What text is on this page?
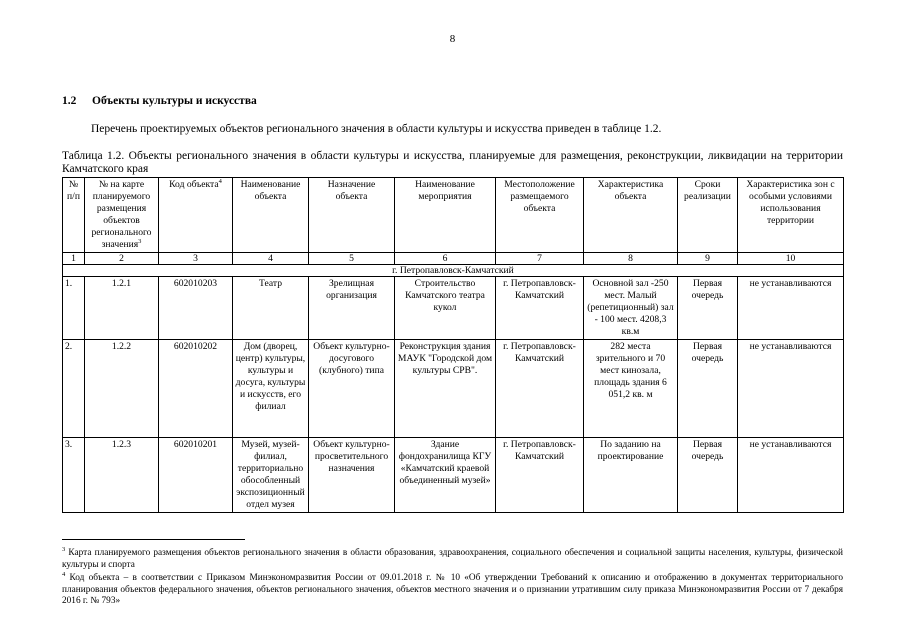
8
1.2 Объекты культуры и искусства
Перечень проектируемых объектов регионального значения в области культуры и искусства приведен в таблице 1.2.
Таблица 1.2. Объекты регионального значения в области культуры и искусства, планируемые для размещения, реконструкции, ликвидации на территории Камчатского края
№ п/п	№ на карте планируемого размещения объектов регионального значения$^3$	Код объекта$^4$	Наименование объекта	Назначение объекта	Наименование мероприятия	Местоположение размещаемого объекта	Характеристика объекта	Сроки реализации	Характеристика зон с особыми условиями использования территории
1	2	3	4	5	6	7	8	9	10
г. Петропавловск-Камчатский									
1.	1.2.1	602010203	Театр	Зрелищная организация	Строительство Камчатского театра кукол	г. Петропавловск-Камчатский	Основной зал -250 мест. Малый (репетиционный) зал - 100 мест. 4208,3 кв.м	Первая очередь	не устанавливаются
2.	1.2.2	602010202	Дом (дворец, центр) культуры, культуры и досуга, культуры и искусств, его филиал	Объект культурно-досугового (клубного) типа	Реконструкция здания МАУК "Городской дом культуры СРВ".	г. Петропавловск-Камчатский	282 места зрительного и 70 мест кинозала, площадь здания 6 051,2 кв. м	Первая очередь	не устанавливаются
3.	1.2.3	602010201	Музей, музей-филиал, территориально обособленный экспозиционный отдел музея	Объект культурно-просветительного назначения	Здание фондохранилища КГУ «Камчатский краевой объединенный музей»	г. Петропавловск-Камчатский	По заданию на проектирование	Первая очередь	не устанавливаются

$^3$ Карта планируемого размещения объектов регионального значения в области образования, здравоохранения, социального обеспечения и социальной защиты населения, культуры, физической культуры и спорта

$^4$ Код объекта – в соответствии с Приказом Минэкономразвития России от 09.01.2018 г. № 10 «Об утверждении Требований к описанию и отображению в документах территориального планирования объектов федерального значения, объектов регионального значения, объектов местного значения и о признании утратившим силу приказа Минэкономразвития России от 7 декабря 2016 г. № 793»
